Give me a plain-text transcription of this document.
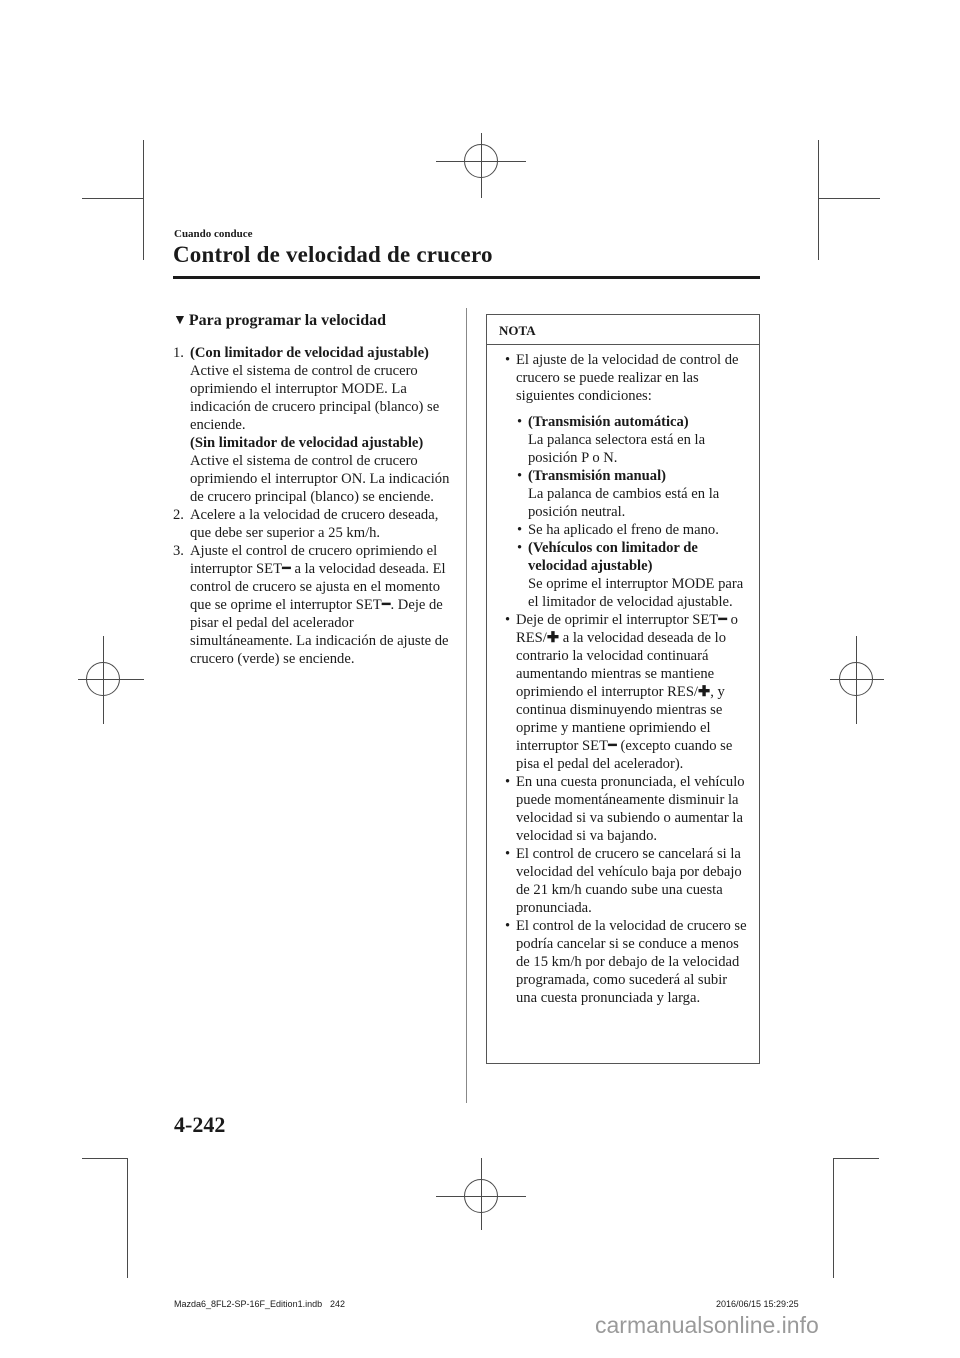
Cuando conduce
Control de velocidad de crucero
▼ Para programar la velocidad
1. (Con limitador de velocidad ajustable)
Active el sistema de control de crucero oprimiendo el interruptor MODE. La indicación de crucero principal (blanco) se enciende.
(Sin limitador de velocidad ajustable)
Active el sistema de control de crucero oprimiendo el interruptor ON. La indicación de crucero principal (blanco) se enciende.
2. Acelere a la velocidad de crucero deseada, que debe ser superior a 25 km/h.
3. Ajuste el control de crucero oprimiendo el interruptor SET━ a la velocidad deseada. El control de crucero se ajusta en el momento que se oprime el interruptor SET━. Deje de pisar el pedal del acelerador simultáneamente. La indicación de ajuste de crucero (verde) se enciende.
NOTA
• El ajuste de la velocidad de control de crucero se puede realizar en las siguientes condiciones:
• (Transmisión automática)
La palanca selectora está en la posición P o N.
• (Transmisión manual)
La palanca de cambios está en la posición neutral.
• Se ha aplicado el freno de mano.
• (Vehículos con limitador de velocidad ajustable)
Se oprime el interruptor MODE para el limitador de velocidad ajustable.
• Deje de oprimir el interruptor SET━ o RES/✚ a la velocidad deseada de lo contrario la velocidad continuará aumentando mientras se mantiene oprimiendo el interruptor RES/✚, y continua disminuyendo mientras se oprime y mantiene oprimiendo el interruptor SET━ (excepto cuando se pisa el pedal del acelerador).
• En una cuesta pronunciada, el vehículo puede momentáneamente disminuir la velocidad si va subiendo o aumentar la velocidad si va bajando.
• El control de crucero se cancelará si la velocidad del vehículo baja por debajo de 21 km/h cuando sube una cuesta pronunciada.
• El control de la velocidad de crucero se podría cancelar si se conduce a menos de 15 km/h por debajo de la velocidad programada, como sucederá al subir una cuesta pronunciada y larga.
4-242
Mazda6_8FL2-SP-16F_Edition1.indb 242	2016/06/15 15:29:25
carmanualsonline.info
